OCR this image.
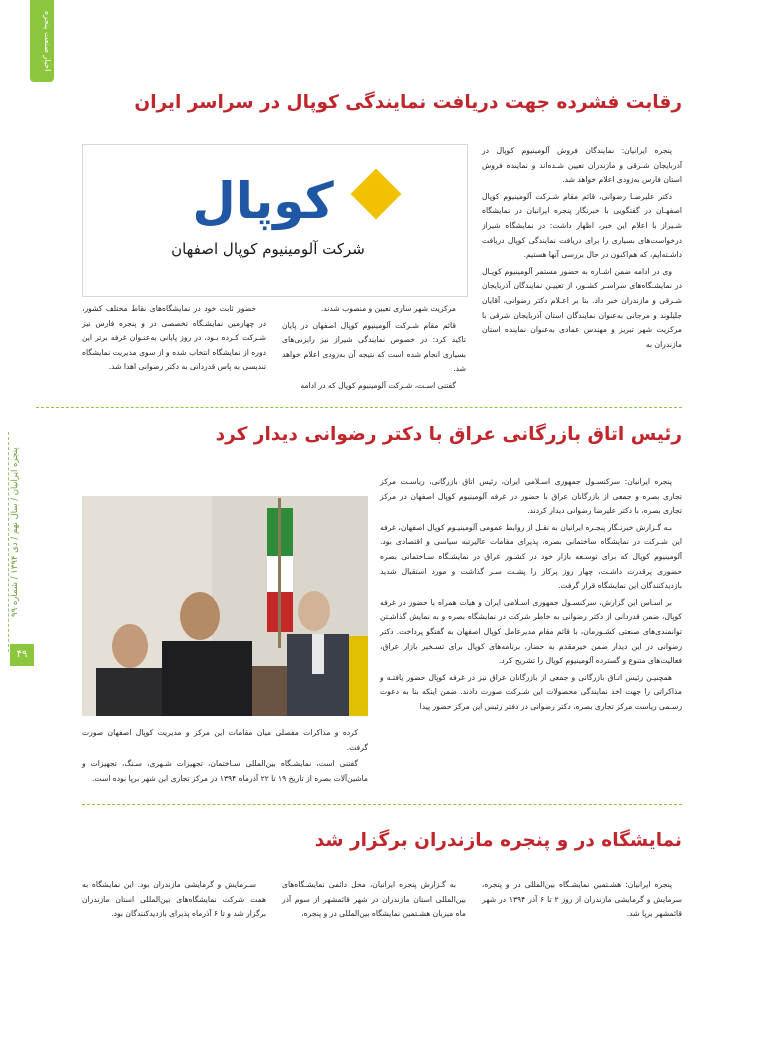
اخبار صنعت پنجره
پنجره ایرانیان / سال نهم / دی ۱۳۹۴ / شماره ۹۹
۴۹
رقابت فشرده جهت دریافت نمایندگی کوپال در سراسر ایران
کوپال
شرکت آلومینیوم کوپال اصفهان

پنجره ایرانیان: نمایندگان فروش آلومینیوم کوپال در آذربایجان شـرقی و مازندران تعیین شـده‌اند و نماینده فروش استان فارس به‌زودی اعلام خواهد شد.

دکتر علیرضـا رضوانی، قائم مقام شـرکت آلومینیوم کوپال اصفهـان در گفتگویی با خبرنگار پنجره ایرانیان در نمایشگاه شـیراز با اعلام این خبر، اظهار داشت: در نمایشگاه شیراز درخواست‌های بسیاری را برای دریافت نمایندگی کوپال دریافت داشـته‌ایم، که هم‌اکنون در حال بررسی آنها هستیم.

وی در ادامه ضمن اشـاره به حضور مستمر آلومینیوم کوپـال در نمایشـگاه‌های سراسـر کشـور، از تعییـن نمایندگان آذربایجان شـرقی و مازندران خبر داد. بنا بر اعـلام دکتر رضوانی، آقایان جلیلوند و مرجانی به‌عنوان نمایندگان استان آذربایجان شرقی با مرکزیت شهر تبریز و مهندس عمادی به‌عنوان نماینده استان مازندران به

مرکزیت شهر ساری تعیین و منصوب شدند.

قائم مقام شـرکت آلومینیوم کوپال اصفهان در پایان تاکید کرد: در خصوص نمایندگی شیراز نیز رایزنی‌های بسیاری انجام شده است که نتیجه آن به‌زودی اعلام خواهد شد.

گفتنی اسـت، شـرکت آلومینیوم کوپال که در ادامه

حضور ثابت خود در نمایشگاه‌های نقاط مختلف کشور، در چهارمین نمایشـگاه تخصصی در و پنجره فارس نیز شـرکت کـرده بـود، در روز پایانی به‌عنـوان غرفه برتر این دوره از نمایشگاه انتخاب شده و از سوی مدیریت نمایشگاه تندیسی به پاس قدردانی به دکتر رضوانی اهدا شد.

رئیس اتاق بازرگانی عراق با دکتر رضوانی دیدار کرد

پنجره ایرانیان: سرکنسـول جمهوری اسـلامی ایران، رئیس اتاق بازرگانی، ریاسـت مرکز تجاری بصره و جمعی از بازرگانان عراق با حضور در غرفه آلومینیوم کوپال اصفهان در مرکز تجاری بصره، با دکتر علیرضا رضوانی دیدار کردند.

بـه گـزارش خبرنـگار پنجـره ایرانیان به نقـل از روابط عمومی آلومینیـوم کوپال اصفهان، غرفه این شـرکت در نمایشگاه ساختمانی بصره، پذیرای مقامات عالیرتبه سیاسی و اقتصادی بود. آلومینیوم کوپال که برای توسـعه بازار خود در کشـور عراق در نمایشـگاه سـاختمانی بصره حضوری پرقدرت داشـت، چهار روز پرکار را پشـت سـر گذاشت و مورد استقبال شدید بازدیدکنندگان این نمایشگاه قرار گرفت.

بر اسـاس این گزارش، سرکنسـول جمهوری اسـلامی ایران و هیات همراه با حضور در غرفه کوپال، ضمن قدردانی از دکتر رضوانی به خاطر شرکت در نمایشگاه بصره و به نمایش گذاشـتن توانمندی‌های صنعتی کشـورمان، با قائم مقام مدیرعامل کوپال اصفهان به گفتگو پرداخت. دکتر رضوانی در این دیدار ضمن خیرمقدم به حضار، برنامه‌های کوپال برای تسـخیر بازار عراق، فعالیت‌های متنوع و گسترده آلومینیوم کوپال را تشریح کرد.

همچنیـن رئیس اتـاق بازرگانی و جمعی از بازرگانان عراق نیز در غرفه کوپال حضور یافتـه و مذاکراتی را جهت اخذ نمایندگی محصولات این شـرکت صورت دادند. ضمن اینکه بنا به دعوت رسـمی ریاست مرکز تجاری بصره، دکتر رضوانی در دفتر رئیس این مرکز حضور پیدا

کرده و مذاکرات مفصلی میان مقامات این مرکز و مدیریت کوپال اصفهان صورت گرفت.

گفتنی است، نمایشـگاه بین‌المللی سـاختمان، تجهیزات شـهری، سـنگ، تجهیزات و ماشین‌آلات بصره از تاریخ ۱۹ تا ۲۲ آذرماه ۱۳۹۴ در مرکز تجاری این شهر برپا بوده است.

نمایشگاه در و پنجره مازندران برگزار شد

پنجره ایرانیان: هشـتمین نمایشـگاه بین‌المللی در و پنجره، سرمایش و گرمایشی مازندران از روز ۲ تا ۶ آذر ۱۳۹۴ در شهر قائمشهر برپا شد.

به گـزارش پنجره ایرانیان، محل دائمی نمایشـگاه‌های بین‌المللی استان مازندران در شهر قائمشهر از سوم آذر ماه میزبان هشـتمین نمایشگاه بین‌المللی در و پنجره،

سـرمایش و گرمایشی مازندران بود. این نمایشگاه به همت شرکت نمایشگاه‌های بین‌المللی استان مازندران برگزار شد و تا ۶ آذرماه پذیرای بازدیدکنندگان بود.
